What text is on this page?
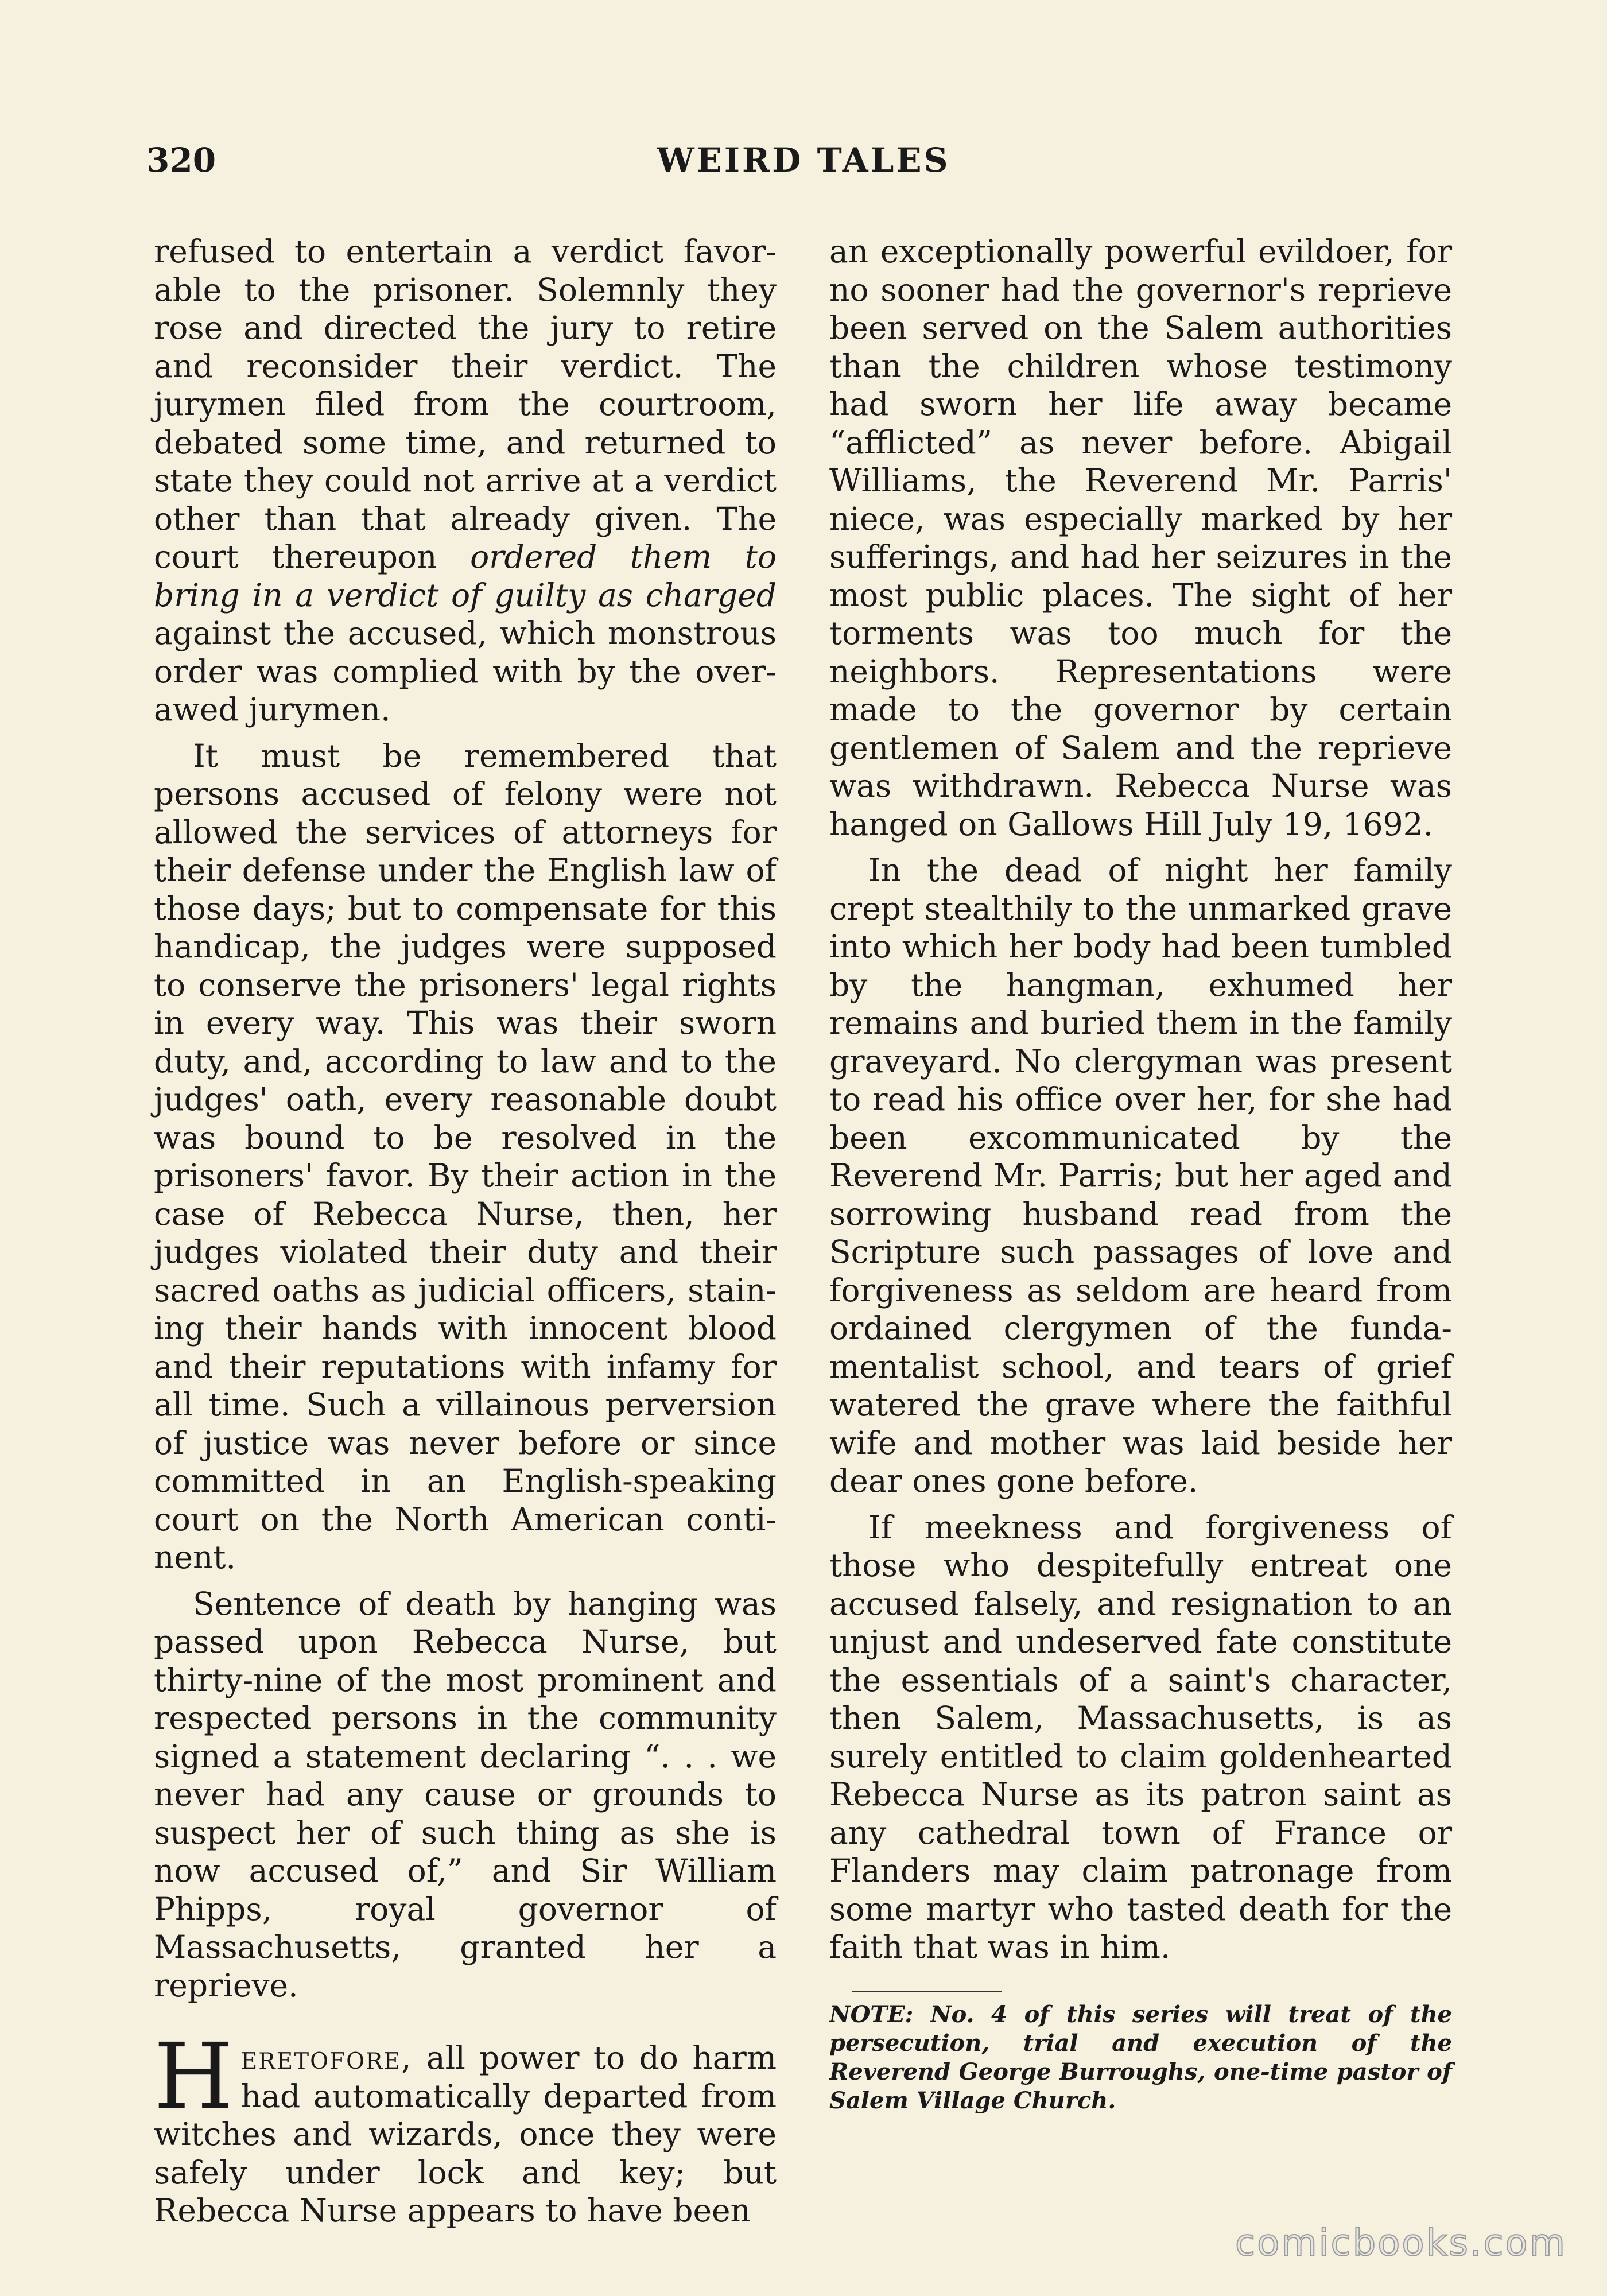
320	WEIRD TALES

refused to entertain a verdict favorable to the prisoner. Solemnly they rose and directed the jury to retire and reconsider their verdict. The jurymen filed from the courtroom, debated some time, and returned to state they could not arrive at a verdict other than that already given. The court thereupon ordered them to bring in a verdict of guilty as charged against the accused, which monstrous order was complied with by the overawed jurymen.

It must be remembered that persons accused of felony were not allowed the services of attorneys for their defense under the English law of those days; but to compensate for this handicap, the judges were supposed to conserve the prisoners' legal rights in every way. This was their sworn duty, and, according to law and to the judges' oath, every reasonable doubt was bound to be resolved in the prisoners' favor. By their action in the case of Rebecca Nurse, then, her judges violated their duty and their sacred oaths as judicial officers, staining their hands with innocent blood and their reputations with infamy for all time. Such a villainous perversion of justice was never before or since committed in an English-speaking court on the North American continent.

Sentence of death by hanging was passed upon Rebecca Nurse, but thirty-nine of the most prominent and respected persons in the community signed a statement declaring “. . . we never had any cause or grounds to suspect her of such thing as she is now accused of,” and Sir William Phipps, royal governor of Massachusetts, granted her a reprieve.

Heretofore, all power to do harm had automatically departed from witches and wizards, once they were safely under lock and key; but Rebecca Nurse appears to have been

an exceptionally powerful evildoer, for no sooner had the governor's reprieve been served on the Salem authorities than the children whose testimony had sworn her life away became “afflicted” as never before. Abigail Williams, the Reverend Mr. Parris' niece, was especially marked by her sufferings, and had her seizures in the most public places. The sight of her torments was too much for the neighbors. Representations were made to the governor by certain gentlemen of Salem and the reprieve was withdrawn. Rebecca Nurse was hanged on Gallows Hill July 19, 1692.

In the dead of night her family crept stealthily to the unmarked grave into which her body had been tumbled by the hangman, exhumed her remains and buried them in the family graveyard. No clergyman was present to read his office over her, for she had been excommunicated by the Reverend Mr. Parris; but her aged and sorrowing husband read from the Scripture such passages of love and forgiveness as seldom are heard from ordained clergymen of the fundamentalist school, and tears of grief watered the grave where the faithful wife and mother was laid beside her dear ones gone before.

If meekness and forgiveness of those who despitefully entreat one accused falsely, and resignation to an unjust and undeserved fate constitute the essentials of a saint's character, then Salem, Massachusetts, is as surely entitled to claim goldenhearted Rebecca Nurse as its patron saint as any cathedral town of France or Flanders may claim patronage from some martyr who tasted death for the faith that was in him.

NOTE: No. 4 of this series will treat of the persecution, trial and execution of the Reverend George Burroughs, one-time pastor of Salem Village Church.

comicbooks.com
